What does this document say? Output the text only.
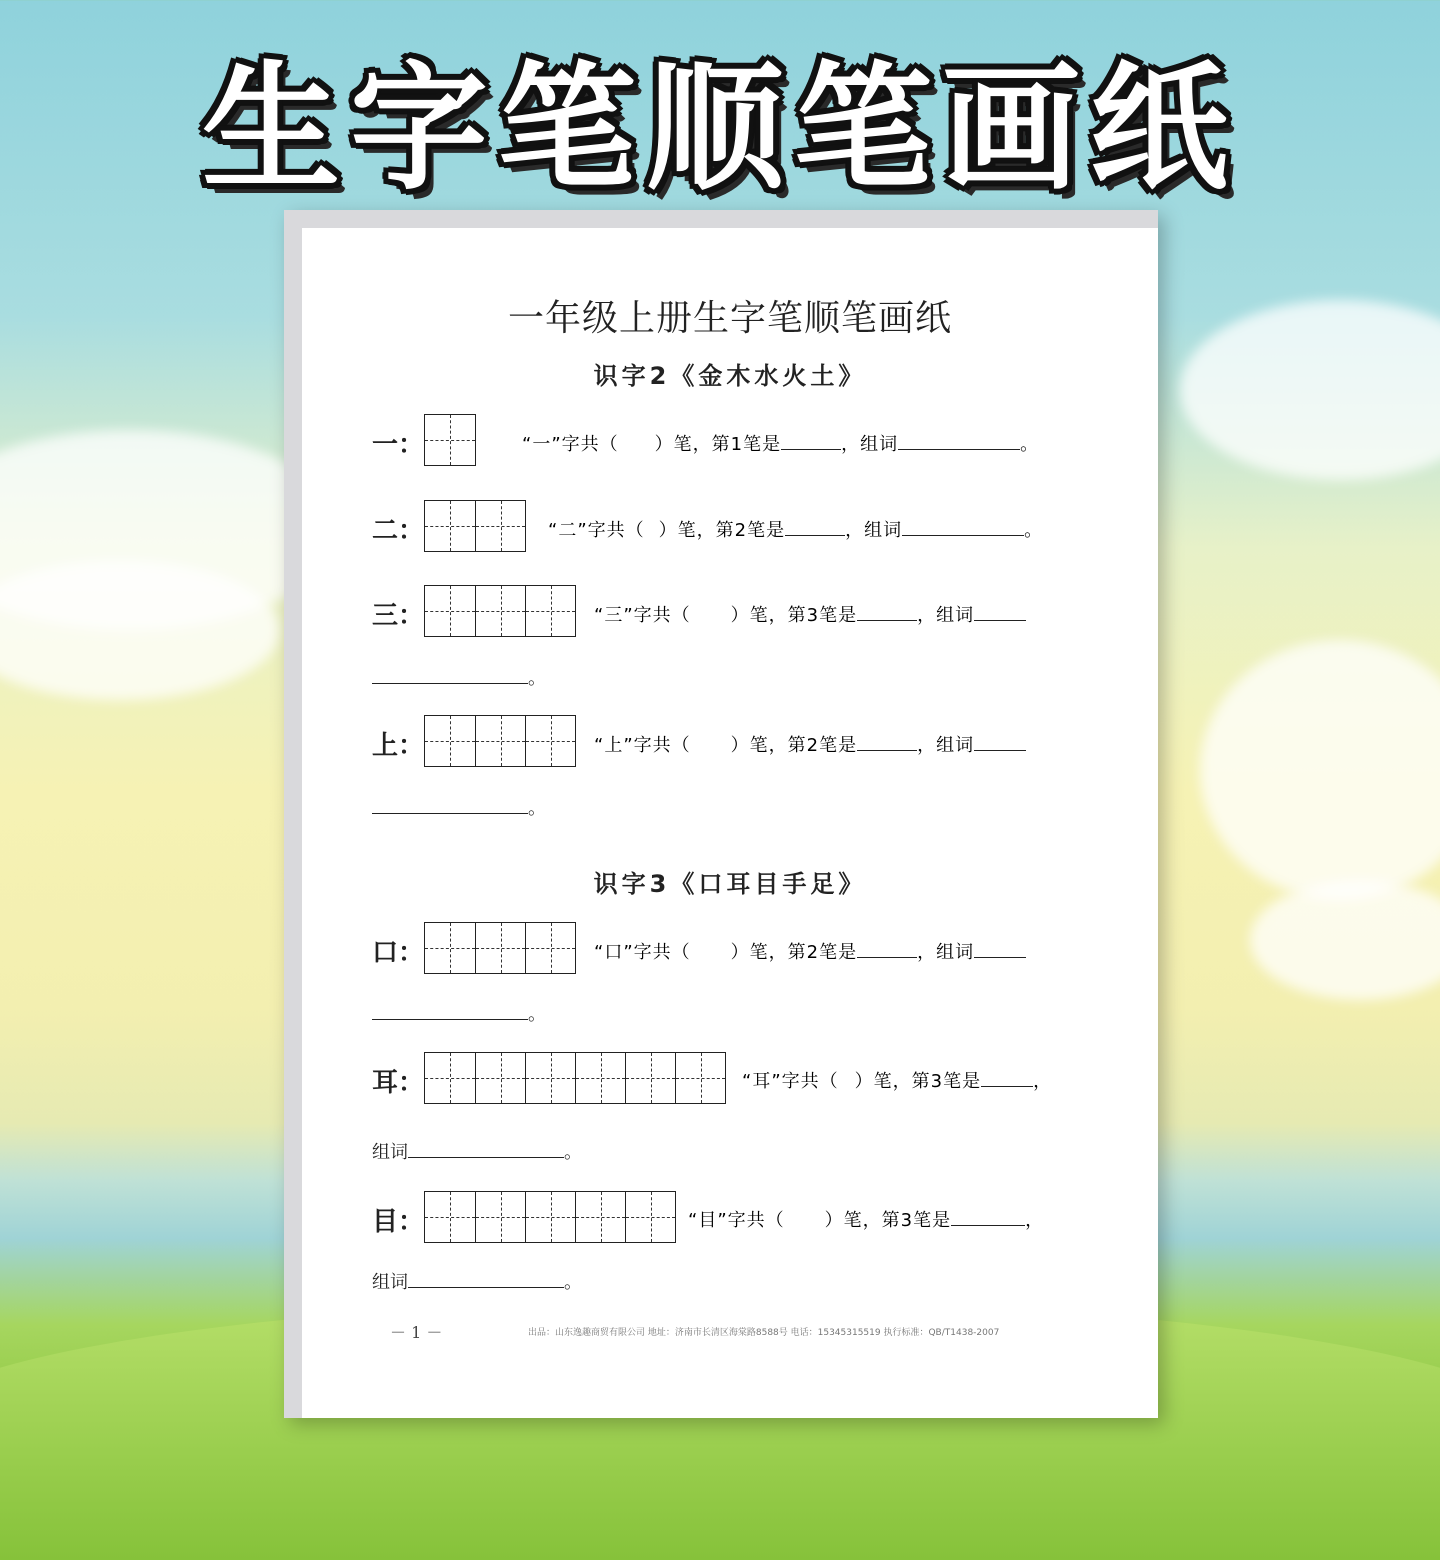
生字笔顺笔画纸
一年级上册生字笔顺笔画纸
识字2《金木水火土》
一：	“一”字共（ ）笔，第1笔是	，组词	。
二：	“二”字共（ ）笔，第2笔是	，组词	。
三：	“三”字共（ ）笔，第3笔是	，组词
。
上：	“上”字共（ ）笔，第2笔是	，组词
。
识字3《口耳目手足》
口：	“口”字共（ ）笔，第2笔是	，组词
。
耳：	“耳”字共（ ）笔，第3笔是	，
组词	。
目：	“目”字共（ ）笔，第3笔是	，
组词	。
－ 1 －	出品：山东逸趣商贸有限公司 地址：济南市长清区海棠路8588号 电话：15345315519 执行标准：QB/T1438-2007
